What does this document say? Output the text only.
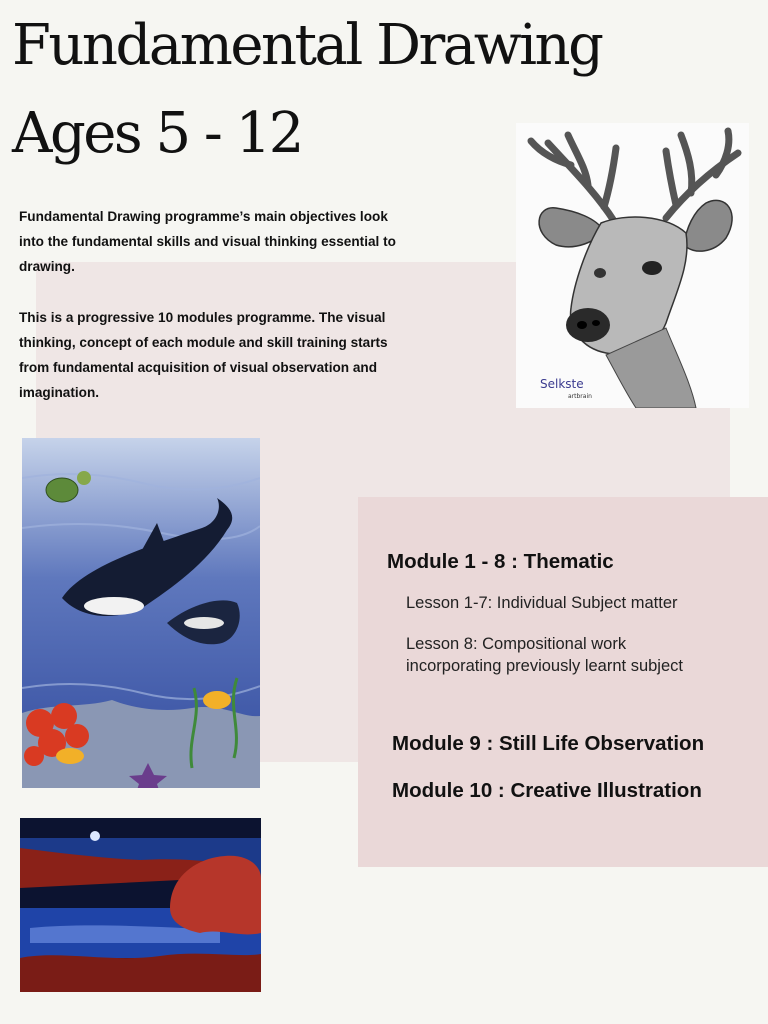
Fundamental Drawing
Ages 5 - 12

Fundamental Drawing programme’s main objectives look into the fundamental skills and visual thinking essential to drawing.

This is a progressive 10 modules programme. The visual thinking, concept of each module and skill training starts from fundamental acquisition of visual observation and imagination.

Selkste
artbrain
Module 1 - 8 : Thematic

Lesson 1-7: Individual Subject matter

Lesson 8: Compositional work incorporating previously learnt subject

Module 9 : Still Life Observation
Module 10 : Creative Illustration
